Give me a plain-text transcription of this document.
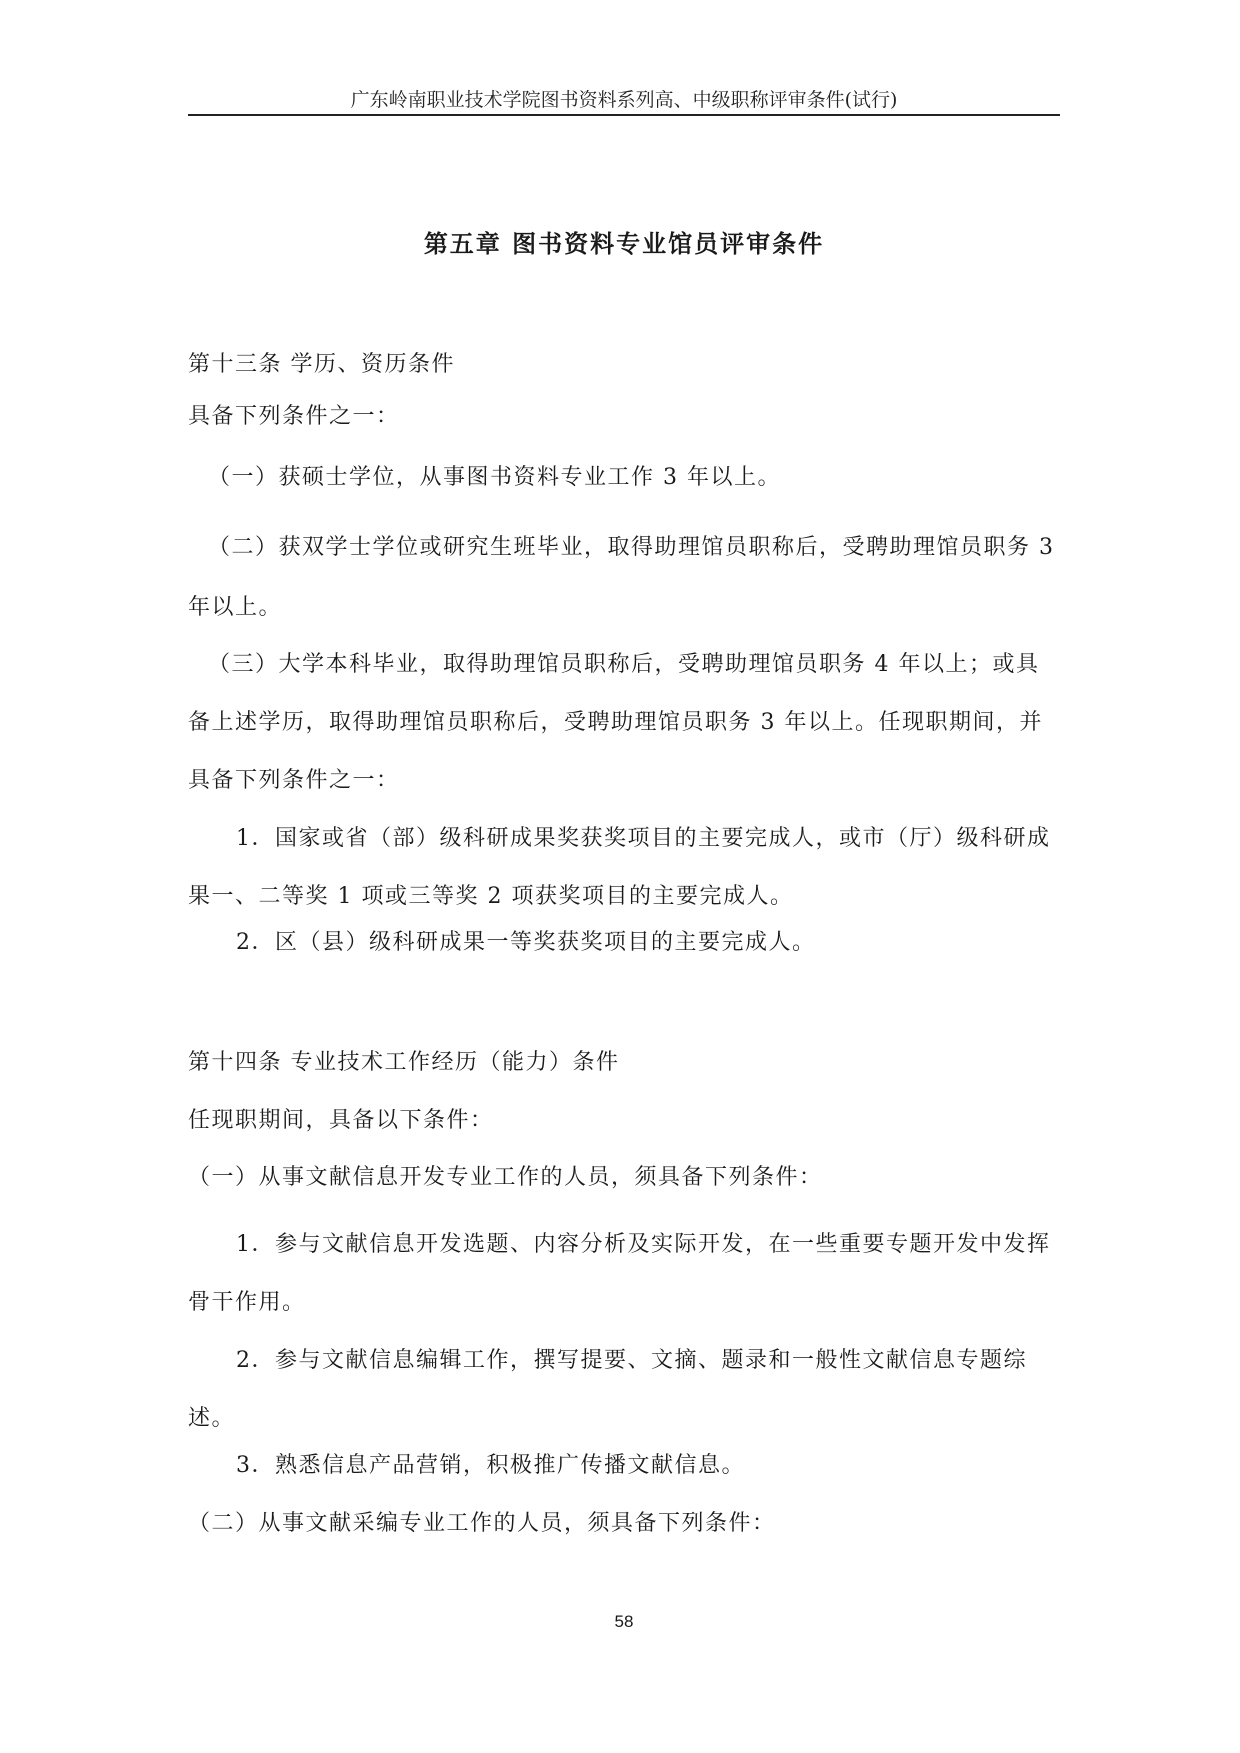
广东岭南职业技术学院图书资料系列高、中级职称评审条件(试行)
第五章 图书资料专业馆员评审条件
第十三条 学历、资历条件
具备下列条件之一：
（一）获硕士学位，从事图书资料专业工作 3 年以上。
（二）获双学士学位或研究生班毕业，取得助理馆员职称后，受聘助理馆员职务 3 年以上。
（三）大学本科毕业，取得助理馆员职称后，受聘助理馆员职务 4 年以上；或具备上述学历，取得助理馆员职称后，受聘助理馆员职务 3 年以上。任现职期间，并具备下列条件之一：
1．国家或省（部）级科研成果奖获奖项目的主要完成人，或市（厅）级科研成果一、二等奖 1 项或三等奖 2 项获奖项目的主要完成人。
2．区（县）级科研成果一等奖获奖项目的主要完成人。
第十四条 专业技术工作经历（能力）条件
任现职期间，具备以下条件：
（一）从事文献信息开发专业工作的人员，须具备下列条件：
1．参与文献信息开发选题、内容分析及实际开发，在一些重要专题开发中发挥骨干作用。
2．参与文献信息编辑工作，撰写提要、文摘、题录和一般性文献信息专题综述。
3．熟悉信息产品营销，积极推广传播文献信息。
（二）从事文献采编专业工作的人员，须具备下列条件：
58
